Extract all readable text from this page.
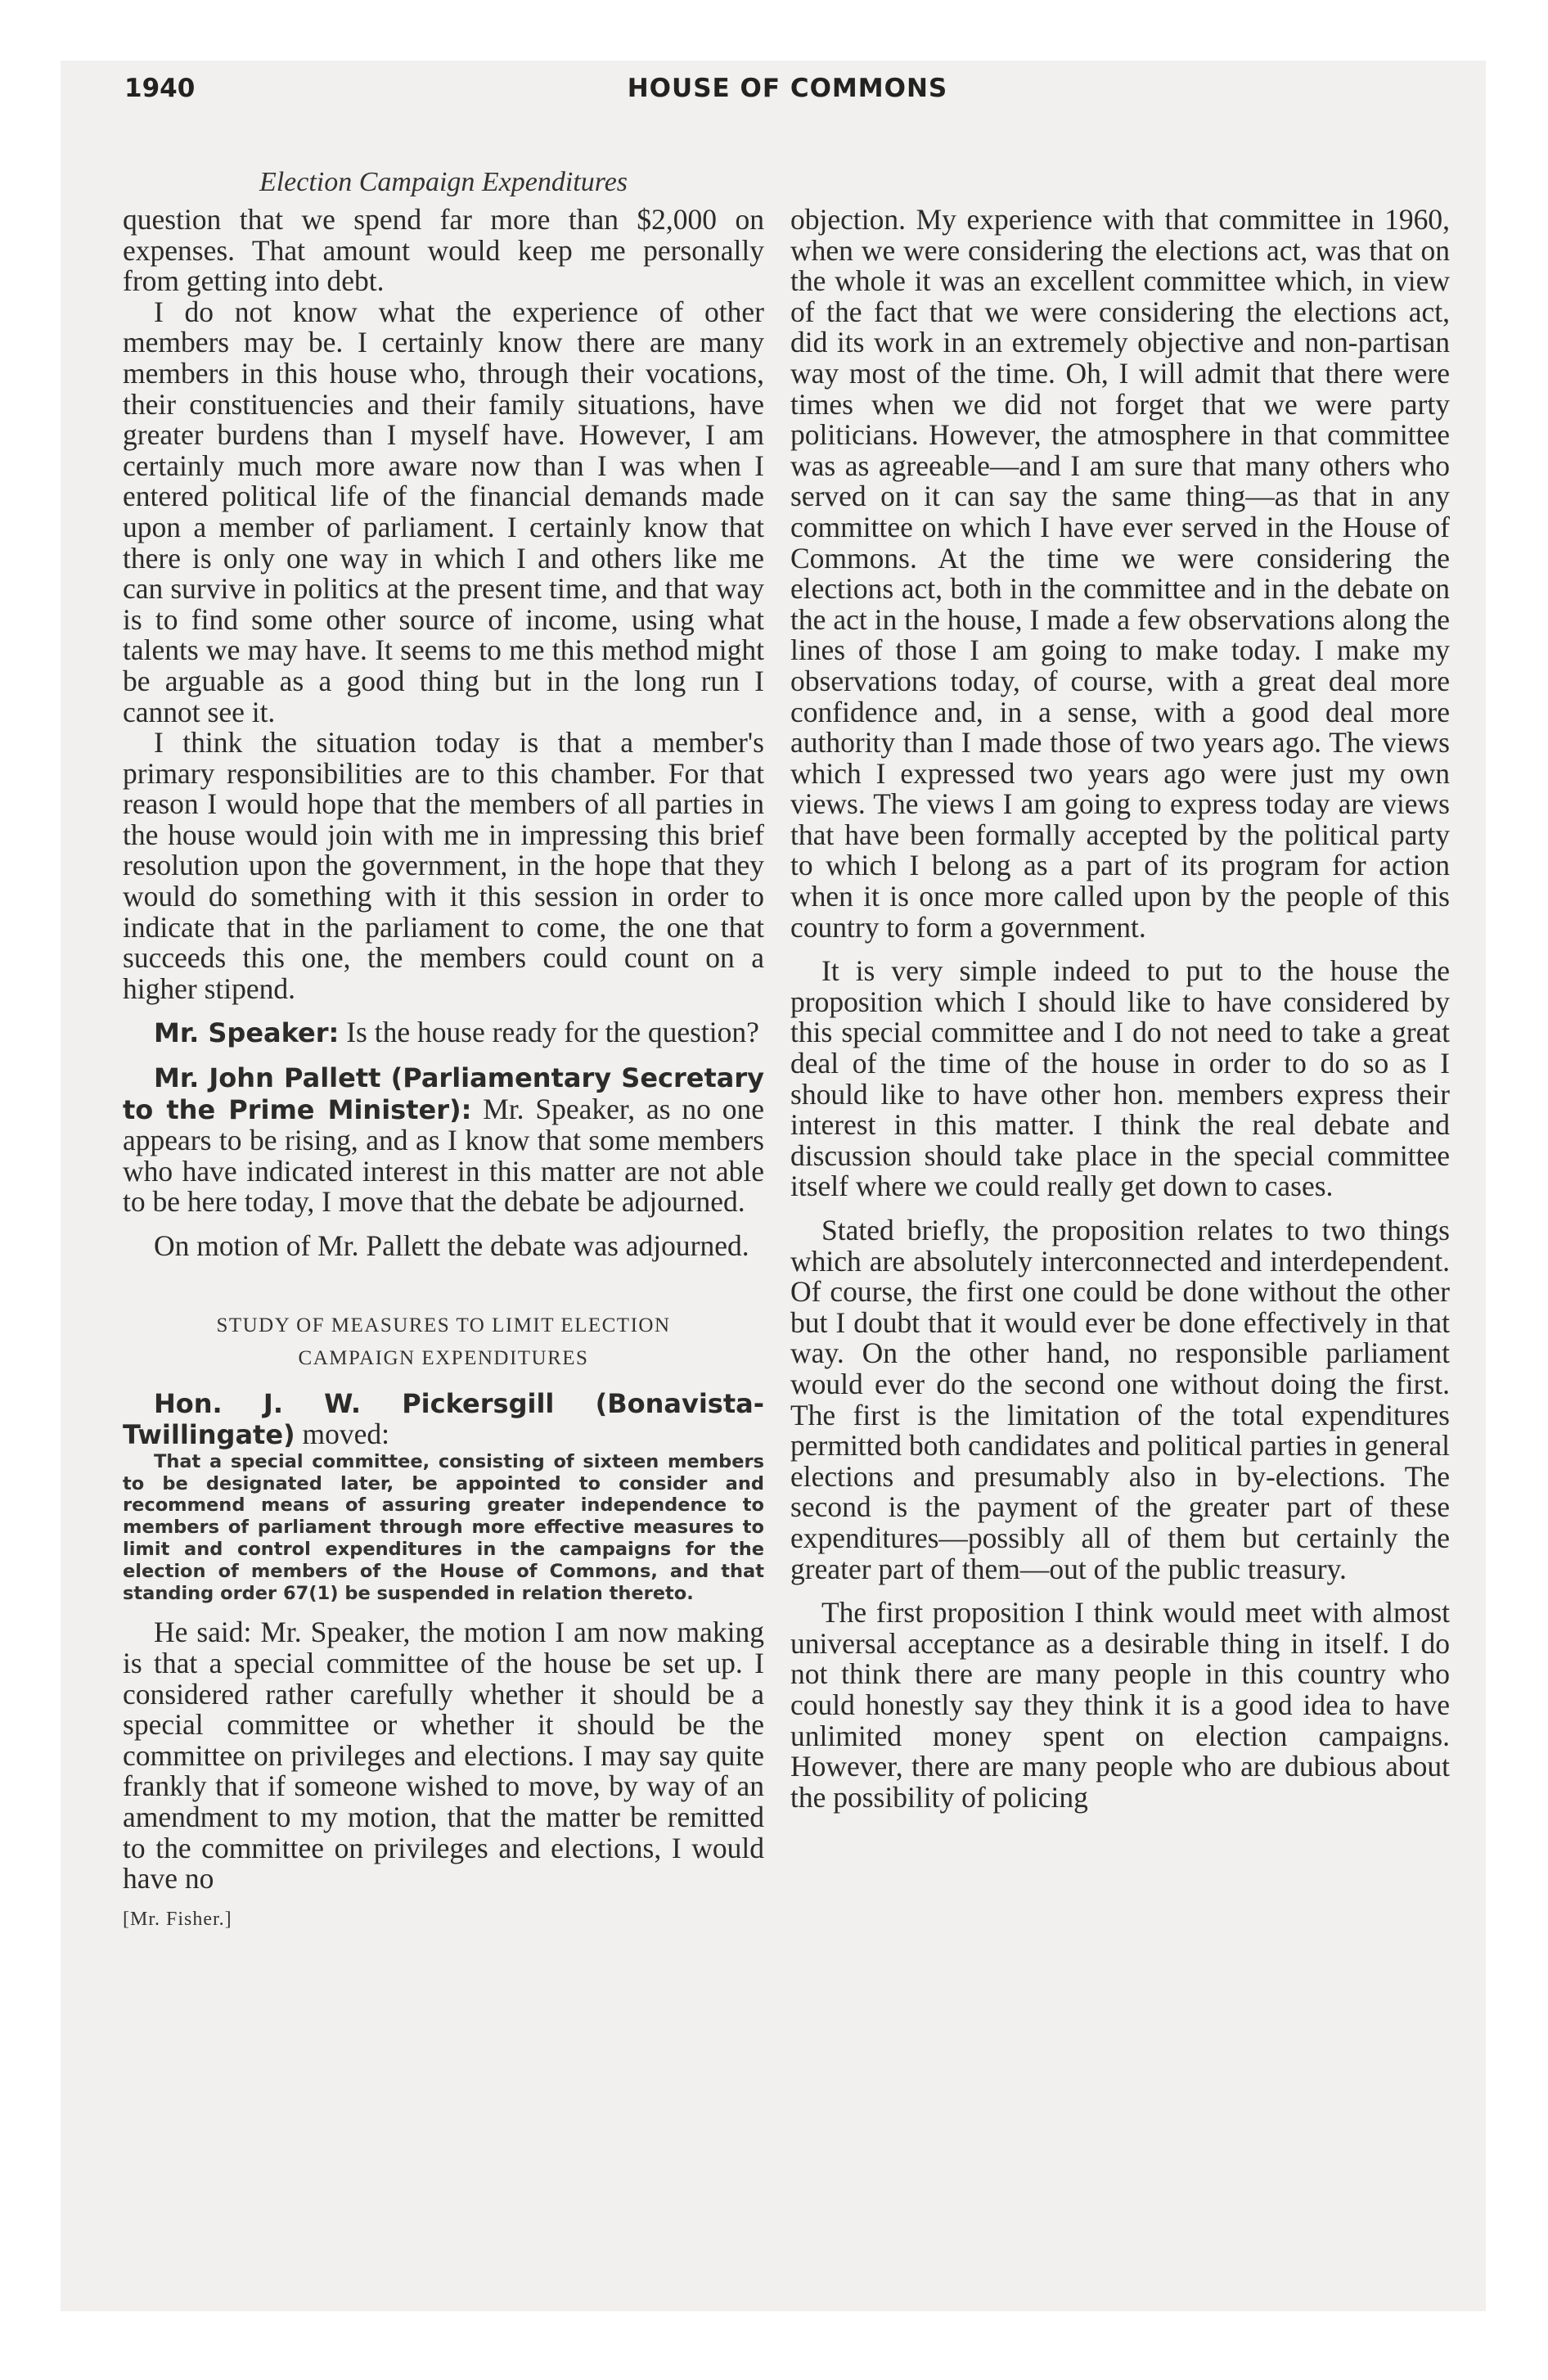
1940	HOUSE OF COMMONS
Election Campaign Expenditures

question that we spend far more than $2,000 on expenses. That amount would keep me personally from getting into debt.

I do not know what the experience of other members may be. I certainly know there are many members in this house who, through their vocations, their constituencies and their family situations, have greater burdens than I myself have. However, I am certainly much more aware now than I was when I entered political life of the financial demands made upon a member of parliament. I certainly know that there is only one way in which I and others like me can survive in politics at the present time, and that way is to find some other source of income, using what talents we may have. It seems to me this method might be arguable as a good thing but in the long run I cannot see it.

I think the situation today is that a member's primary responsibilities are to this chamber. For that reason I would hope that the members of all parties in the house would join with me in impressing this brief resolution upon the government, in the hope that they would do something with it this session in order to indicate that in the parliament to come, the one that succeeds this one, the members could count on a higher stipend.

Mr. Speaker: Is the house ready for the question?

Mr. John Pallett (Parliamentary Secretary to the Prime Minister): Mr. Speaker, as no one appears to be rising, and as I know that some members who have indicated interest in this matter are not able to be here today, I move that the debate be adjourned.

On motion of Mr. Pallett the debate was adjourned.

STUDY OF MEASURES TO LIMIT ELECTION
CAMPAIGN EXPENDITURES

Hon. J. W. Pickersgill (Bonavista-Twillingate) moved:

That a special committee, consisting of sixteen members to be designated later, be appointed to consider and recommend means of assuring greater independence to members of parliament through more effective measures to limit and control expenditures in the campaigns for the election of members of the House of Commons, and that standing order 67(1) be suspended in relation thereto.

He said: Mr. Speaker, the motion I am now making is that a special committee of the house be set up. I considered rather carefully whether it should be a special committee or whether it should be the committee on privileges and elections. I may say quite frankly that if someone wished to move, by way of an amendment to my motion, that the matter be remitted to the committee on privileges and elections, I would have no

[Mr. Fisher.]

objection. My experience with that committee in 1960, when we were considering the elections act, was that on the whole it was an excellent committee which, in view of the fact that we were considering the elections act, did its work in an extremely objective and non-partisan way most of the time. Oh, I will admit that there were times when we did not forget that we were party politicians. However, the atmosphere in that committee was as agreeable—and I am sure that many others who served on it can say the same thing—as that in any committee on which I have ever served in the House of Commons. At the time we were considering the elections act, both in the committee and in the debate on the act in the house, I made a few observations along the lines of those I am going to make today. I make my observations today, of course, with a great deal more confidence and, in a sense, with a good deal more authority than I made those of two years ago. The views which I expressed two years ago were just my own views. The views I am going to express today are views that have been formally accepted by the political party to which I belong as a part of its program for action when it is once more called upon by the people of this country to form a government.

It is very simple indeed to put to the house the proposition which I should like to have considered by this special committee and I do not need to take a great deal of the time of the house in order to do so as I should like to have other hon. members express their interest in this matter. I think the real debate and discussion should take place in the special committee itself where we could really get down to cases.

Stated briefly, the proposition relates to two things which are absolutely interconnected and interdependent. Of course, the first one could be done without the other but I doubt that it would ever be done effectively in that way. On the other hand, no responsible parliament would ever do the second one without doing the first. The first is the limitation of the total expenditures permitted both candidates and political parties in general elections and presumably also in by-elections. The second is the payment of the greater part of these expenditures—possibly all of them but certainly the greater part of them—out of the public treasury.

The first proposition I think would meet with almost universal acceptance as a desirable thing in itself. I do not think there are many people in this country who could honestly say they think it is a good idea to have unlimited money spent on election campaigns. However, there are many people who are dubious about the possibility of policing
